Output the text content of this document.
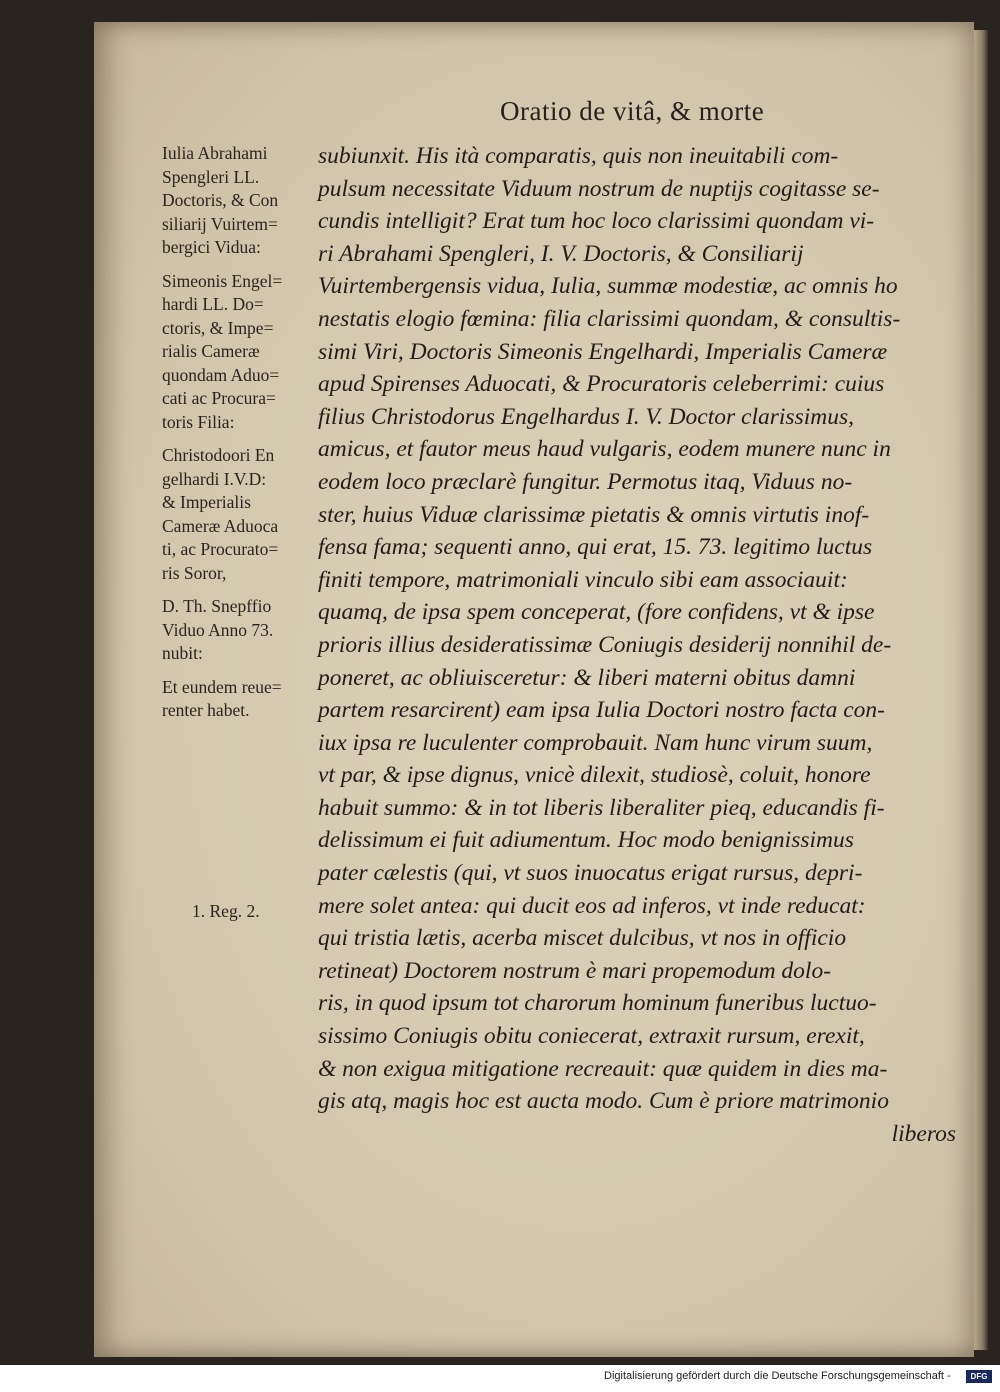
Oratio de vitâ, & morte
Iulia Abrahami
Spengleri LL.
Doctoris, & Con
siliarij Vuirtem=
bergici Vidua:
Simeonis Engel=
hardi LL. Do=
ctoris, & Impe=
rialis Cameræ
quondam Aduo=
cati ac Procura=
toris Filia:
Christodoori En
gelhardi I.V.D:
& Imperialis
Cameræ Aduoca
ti, ac Procurato=
ris Soror,
D. Th. Snepffio
Viduo Anno 73.
nubit:
Et eundem reue=
renter habet.
1. Reg. 2.
subiunxit. His ità comparatis, quis non ineuitabili com-
pulsum necessitate Viduum nostrum de nuptijs cogitasse se-
cundis intelligit? Erat tum hoc loco clarissimi quondam vi-
ri Abrahami Spengleri, I. V. Doctoris, & Consiliarij
Vuirtembergensis vidua, Iulia, summæ modestiæ, ac omnis ho
nestatis elogio fœmina: filia clarissimi quondam, & consultis-
simi Viri, Doctoris Simeonis Engelhardi, Imperialis Cameræ
apud Spirenses Aduocati, & Procuratoris celeberrimi: cuius
filius Christodorus Engelhardus I. V. Doctor clarissimus,
amicus, et fautor meus haud vulgaris, eodem munere nunc in
eodem loco præclarè fungitur. Permotus itaq, Viduus no-
ster, huius Viduæ clarissimæ pietatis & omnis virtutis inof-
fensa fama; sequenti anno, qui erat, 15. 73. legitimo luctus
finiti tempore, matrimoniali vinculo sibi eam associauit:
quamq, de ipsa spem conceperat, (fore confidens, vt & ipse
prioris illius desideratissimæ Coniugis desiderij nonnihil de-
poneret, ac obliuisceretur: & liberi materni obitus damni
partem resarcirent) eam ipsa Iulia Doctori nostro facta con-
iux ipsa re luculenter comprobauit. Nam hunc virum suum,
vt par, & ipse dignus, vnicè dilexit, studiosè, coluit, honore
habuit summo: & in tot liberis liberaliter pieq, educandis fi-
delissimum ei fuit adiumentum. Hoc modo benignissimus
pater cælestis (qui, vt suos inuocatus erigat rursus, depri-
mere solet antea: qui ducit eos ad inferos, vt inde reducat:
qui tristia lætis, acerba miscet dulcibus, vt nos in officio
retineat) Doctorem nostrum è mari propemodum dolo-
ris, in quod ipsum tot charorum hominum funeribus luctuo-
sissimo Coniugis obitu coniecerat, extraxit rursum, erexit,
& non exigua mitigatione recreauit: quæ quidem in dies ma-
gis atq, magis hoc est aucta modo. Cum è priore matrimonio
liberos
Digitalisierung gefördert durch die Deutsche Forschungsgemeinschaft -	DFG
